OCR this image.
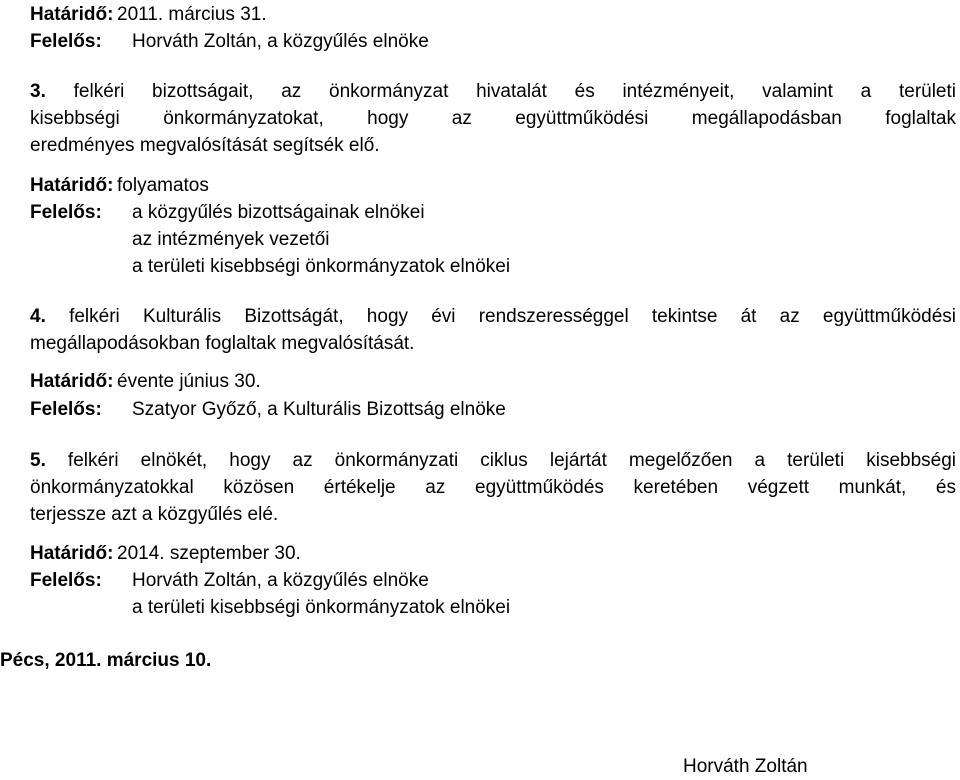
Határidő: 2011. március 31.
Felelős: Horváth Zoltán, a közgyűlés elnöke
3. felkéri bizottságait, az önkormányzat hivatalát és intézményeit, valamint a területi
kisebbségi önkormányzatokat, hogy az együttműködési megállapodásban foglaltak
eredményes megvalósítását segítsék elő.
Határidő: folyamatos
Felelős: a közgyűlés bizottságainak elnökei
az intézmények vezetői
a területi kisebbségi önkormányzatok elnökei
4. felkéri Kulturális Bizottságát, hogy évi rendszerességgel tekintse át az együttműködési
megállapodásokban foglaltak megvalósítását.
Határidő: évente június 30.
Felelős: Szatyor Győző, a Kulturális Bizottság elnöke
5. felkéri elnökét, hogy az önkormányzati ciklus lejártát megelőzően a területi kisebbségi
önkormányzatokkal közösen értékelje az együttműködés keretében végzett munkát, és
terjessze azt a közgyűlés elé.
Határidő: 2014. szeptember 30.
Felelős: Horváth Zoltán, a közgyűlés elnöke
a területi kisebbségi önkormányzatok elnökei
Pécs, 2011. március 10.
Horváth Zoltán
